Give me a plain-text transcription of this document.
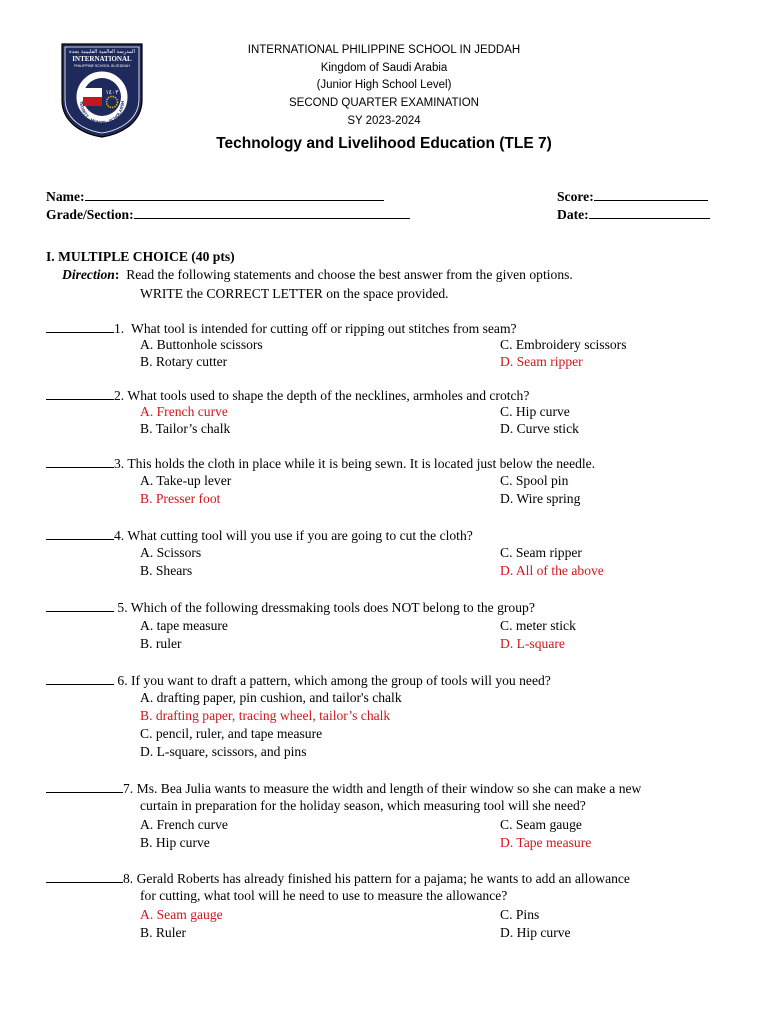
المدرسة العالمية الفلبينية بجدة
INTERNATIONAL
PHILIPPINE SCHOOL IN JEDDAH
١٤٠٣
TEGRITY · HONOR · SCHOLARSH
INTERNATIONAL PHILIPPINE SCHOOL IN JEDDAH
Kingdom of Saudi Arabia
(Junior High School Level)
SECOND QUARTER EXAMINATION
SY 2023-2024
Technology and Livelihood Education (TLE 7)
Name:
Grade/Section:
Score:
Date:
I. MULTIPLE CHOICE (40 pts)
Direction: Read the following statements and choose the best answer from the given options.
WRITE the CORRECT LETTER on the space provided.
1. What tool is intended for cutting off or ripping out stitches from seam?
A. Buttonhole scissors	C. Embroidery scissors
B. Rotary cutter	D. Seam ripper
2. What tools used to shape the depth of the necklines, armholes and crotch?
A. French curve	C. Hip curve
B. Tailor’s chalk	D. Curve stick
3. This holds the cloth in place while it is being sewn. It is located just below the needle.
A. Take-up lever	C. Spool pin
B. Presser foot	D. Wire spring
4. What cutting tool will you use if you are going to cut the cloth?
A. Scissors	C. Seam ripper
B. Shears	D. All of the above
5. Which of the following dressmaking tools does NOT belong to the group?
A. tape measure	C. meter stick
B. ruler	D. L-square
6. If you want to draft a pattern, which among the group of tools will you need?
A. drafting paper, pin cushion, and tailor's chalk
B. drafting paper, tracing wheel, tailor’s chalk
C. pencil, ruler, and tape measure
D. L-square, scissors, and pins
7. Ms. Bea Julia wants to measure the width and length of their window so she can make a new
curtain in preparation for the holiday season, which measuring tool will she need?
A. French curve	C. Seam gauge
B. Hip curve	D. Tape measure
8. Gerald Roberts has already finished his pattern for a pajama; he wants to add an allowance
for cutting, what tool will he need to use to measure the allowance?
A. Seam gauge	C. Pins
B. Ruler	D. Hip curve
